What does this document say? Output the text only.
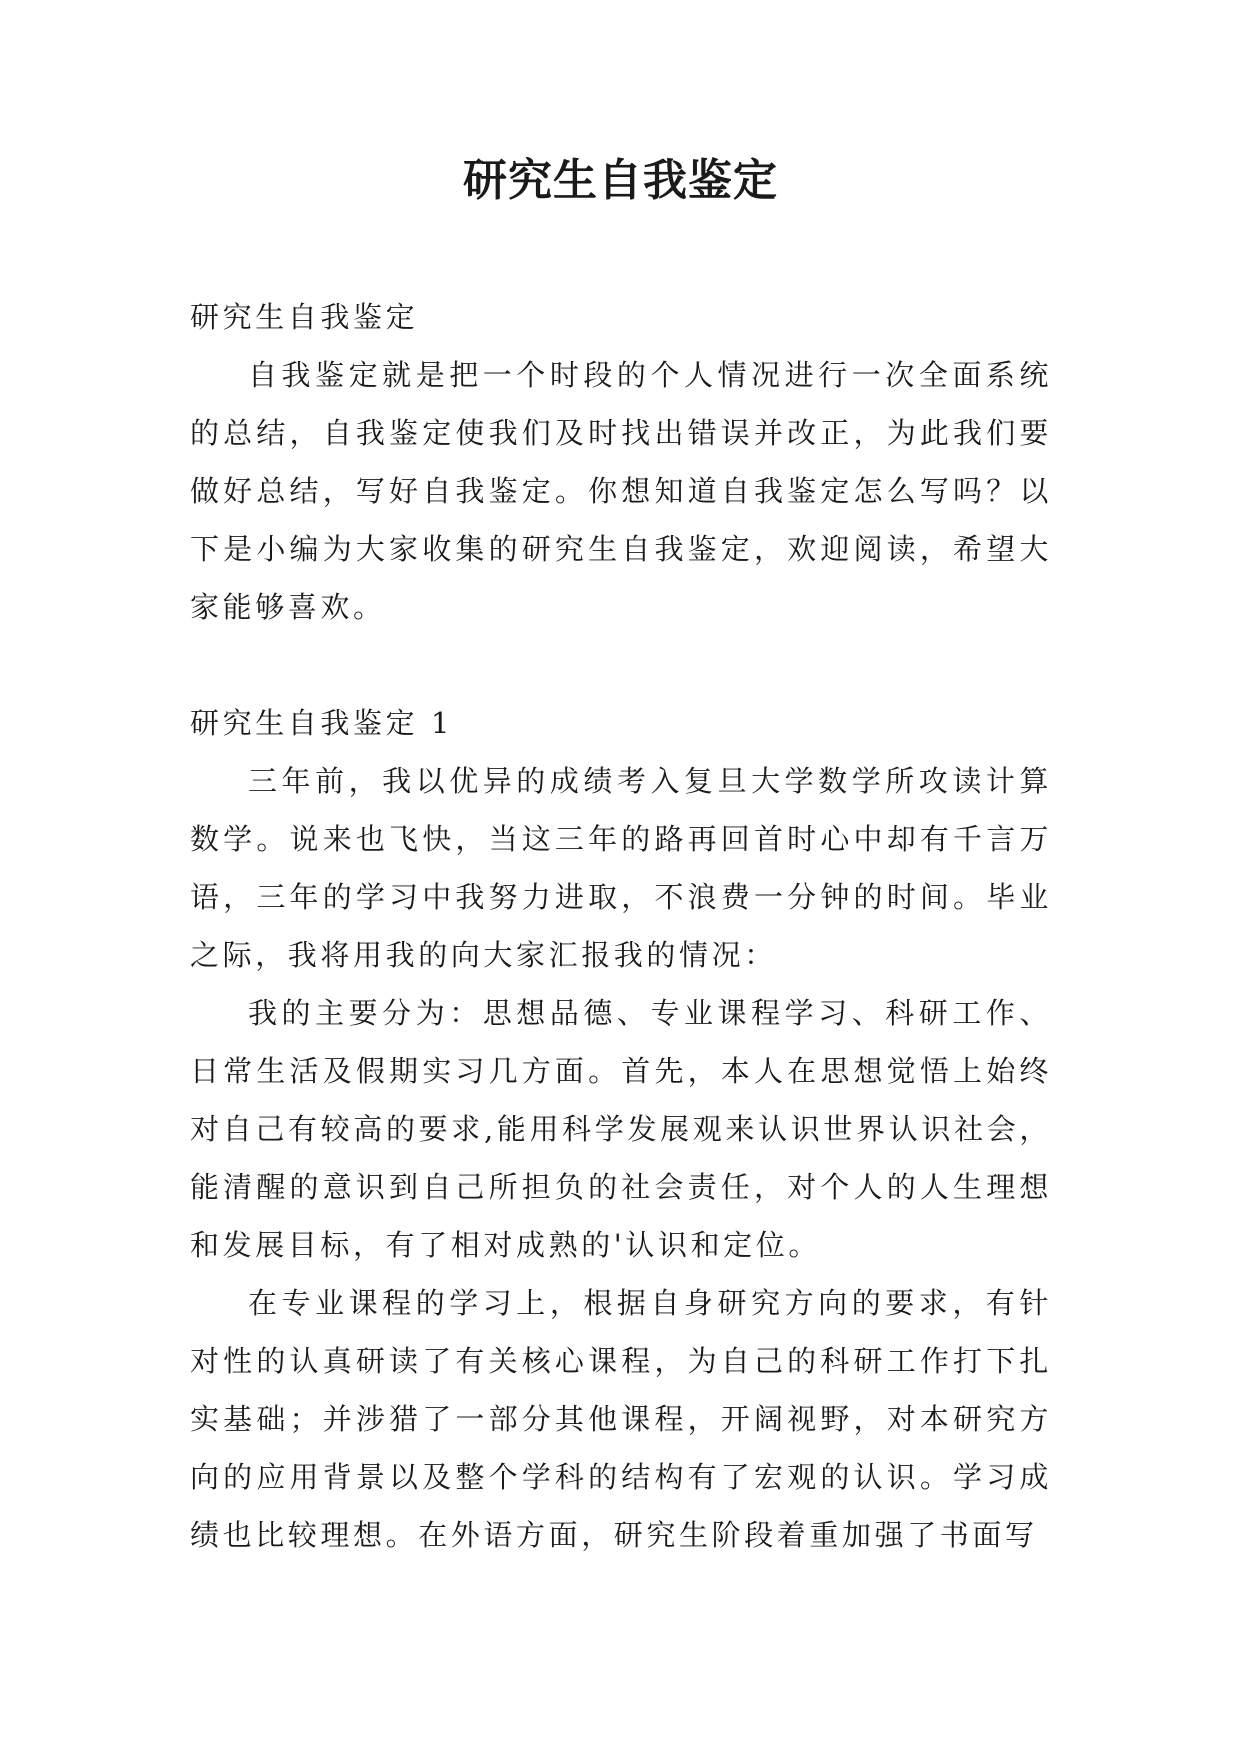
研究生自我鉴定

研究生自我鉴定

自我鉴定就是把一个时段的个人情况进行一次全面系统的总结，自我鉴定使我们及时找出错误并改正，为此我们要做好总结，写好自我鉴定。你想知道自我鉴定怎么写吗？以下是小编为大家收集的研究生自我鉴定，欢迎阅读，希望大家能够喜欢。

研究生自我鉴定 1

三年前，我以优异的成绩考入复旦大学数学所攻读计算数学。说来也飞快，当这三年的路再回首时心中却有千言万语，三年的学习中我努力进取，不浪费一分钟的时间。毕业之际，我将用我的向大家汇报我的情况：

我的主要分为：思想品德、专业课程学习、科研工作、日常生活及假期实习几方面。首先，本人在思想觉悟上始终对自己有较高的要求,能用科学发展观来认识世界认识社会，能清醒的意识到自己所担负的社会责任，对个人的人生理想和发展目标，有了相对成熟的'认识和定位。

在专业课程的学习上，根据自身研究方向的要求，有针对性的认真研读了有关核心课程，为自己的科研工作打下扎实基础；并涉猎了一部分其他课程，开阔视野，对本研究方向的应用背景以及整个学科的结构有了宏观的认识。学习成绩也比较理想。在外语方面，研究生阶段着重加强了书面写
